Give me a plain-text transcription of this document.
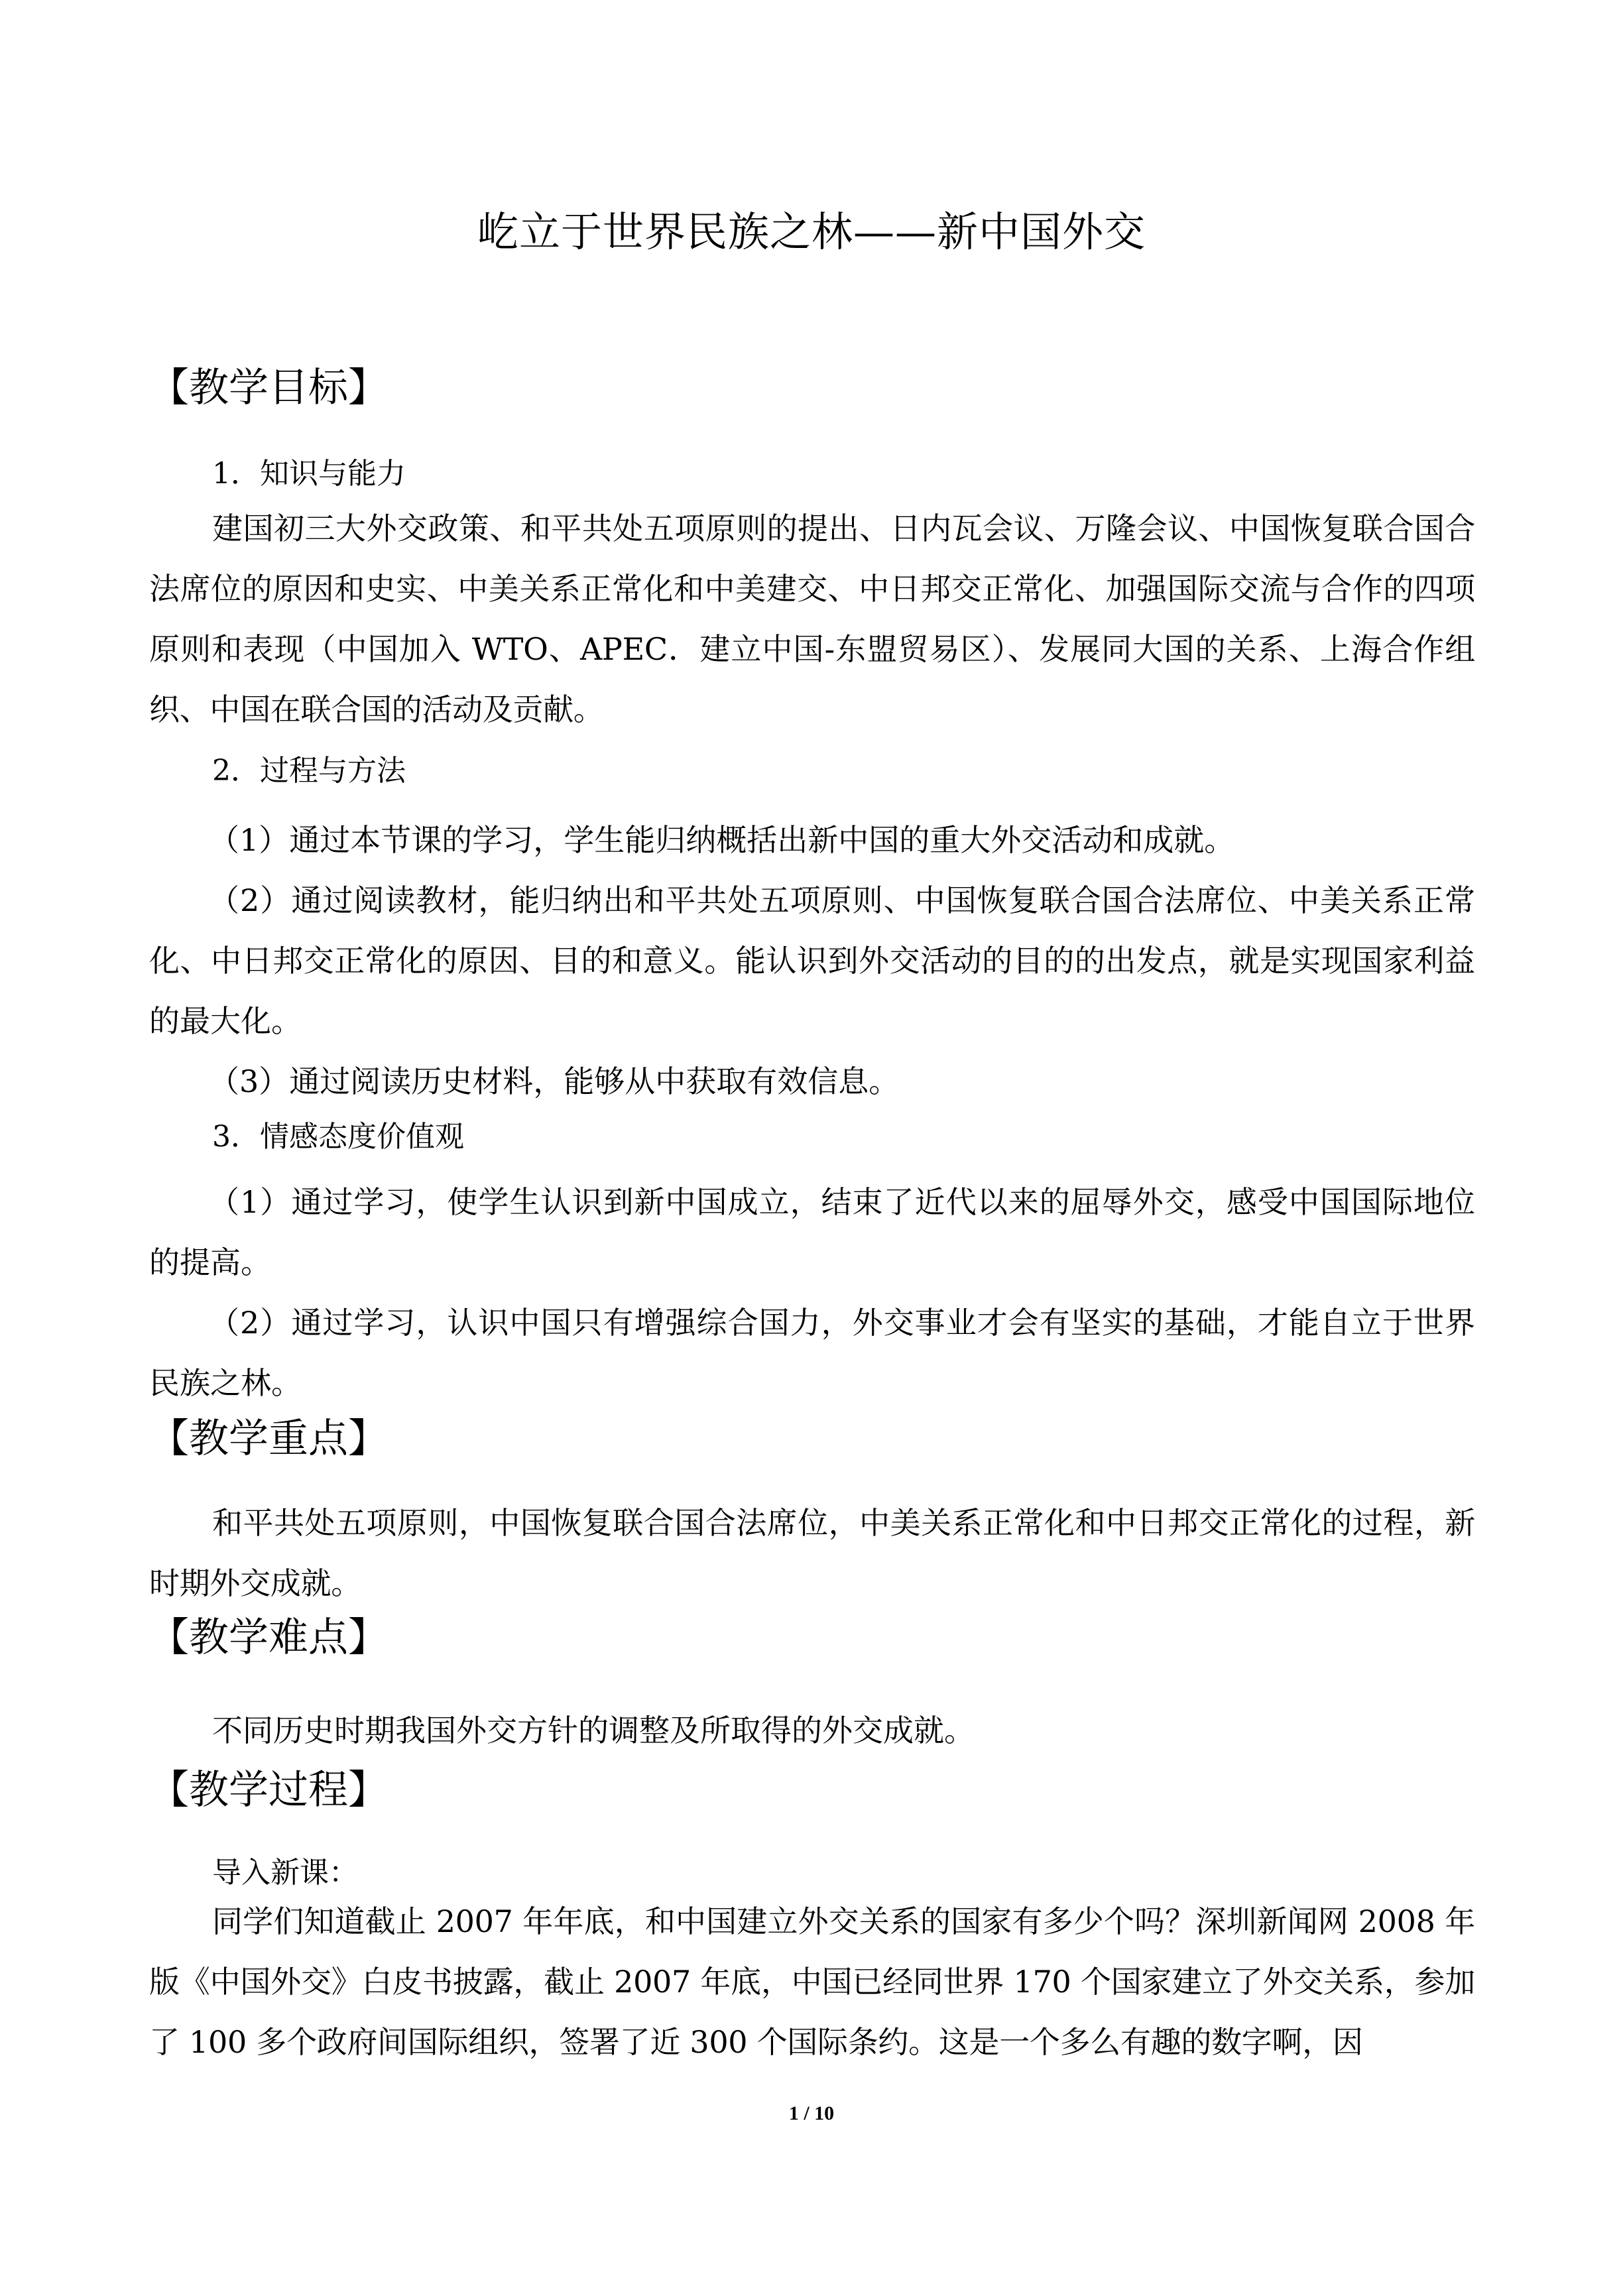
屹立于世界民族之林——新中国外交
【教学目标】
1．知识与能力
建国初三大外交政策、和平共处五项原则的提出、日内瓦会议、万隆会议、中国恢复联合国合法席位的原因和史实、中美关系正常化和中美建交、中日邦交正常化、加强国际交流与合作的四项原则和表现（中国加入 WTO、APEC．建立中国-东盟贸易区）、发展同大国的关系、上海合作组织、中国在联合国的活动及贡献。
2．过程与方法
（1）通过本节课的学习，学生能归纳概括出新中国的重大外交活动和成就。
（2）通过阅读教材，能归纳出和平共处五项原则、中国恢复联合国合法席位、中美关系正常化、中日邦交正常化的原因、目的和意义。能认识到外交活动的目的的出发点，就是实现国家利益的最大化。
（3）通过阅读历史材料，能够从中获取有效信息。
3．情感态度价值观
（1）通过学习，使学生认识到新中国成立，结束了近代以来的屈辱外交，感受中国国际地位的提高。
（2）通过学习，认识中国只有增强综合国力，外交事业才会有坚实的基础，才能自立于世界民族之林。
【教学重点】
和平共处五项原则，中国恢复联合国合法席位，中美关系正常化和中日邦交正常化的过程，新时期外交成就。
【教学难点】
不同历史时期我国外交方针的调整及所取得的外交成就。
【教学过程】
导入新课：
同学们知道截止 2007 年年底，和中国建立外交关系的国家有多少个吗？深圳新闻网 2008 年版《中国外交》白皮书披露，截止 2007 年底，中国已经同世界 170 个国家建立了外交关系，参加了 100 多个政府间国际组织，签署了近 300 个国际条约。这是一个多么有趣的数字啊，因
1 / 10
